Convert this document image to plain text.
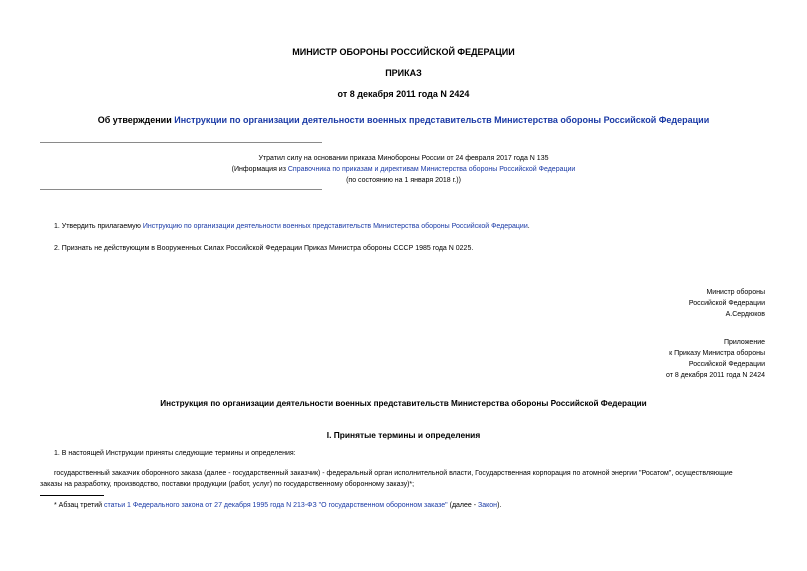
МИНИСТР ОБОРОНЫ РОССИЙСКОЙ ФЕДЕРАЦИИ
ПРИКАЗ
от 8 декабря 2011 года N 2424
Об утверждении Инструкции по организации деятельности военных представительств Министерства обороны Российской Федерации
Утратил силу на основании приказа Минобороны России от 24 февраля 2017 года N 135
(Информация из Справочника по приказам и директивам Министерства обороны Российской Федерации
(по состоянию на 1 января 2018 г.))
1. Утвердить прилагаемую Инструкцию по организации деятельности военных представительств Министерства обороны Российской Федерации.
2. Признать не действующим в Вооруженных Силах Российской Федерации Приказ Министра обороны СССР 1985 года N 0225.
Министр обороны
Российской Федерации
А.Сердюков
Приложение
к Приказу Министра обороны
Российской Федерации
от 8 декабря 2011 года N 2424
Инструкция по организации деятельности военных представительств Министерства обороны Российской Федерации
I. Принятые термины и определения
1. В настоящей Инструкции приняты следующие термины и определения:
государственный заказчик оборонного заказа (далее - государственный заказчик) - федеральный орган исполнительной власти, Государственная корпорация по атомной энергии "Росатом", осуществляющие
заказы на разработку, производство, поставки продукции (работ, услуг) по государственному оборонному заказу)*;
* Абзац третий статьи 1 Федерального закона от 27 декабря 1995 года N 213-ФЗ "О государственном оборонном заказе" (далее - Закон).
